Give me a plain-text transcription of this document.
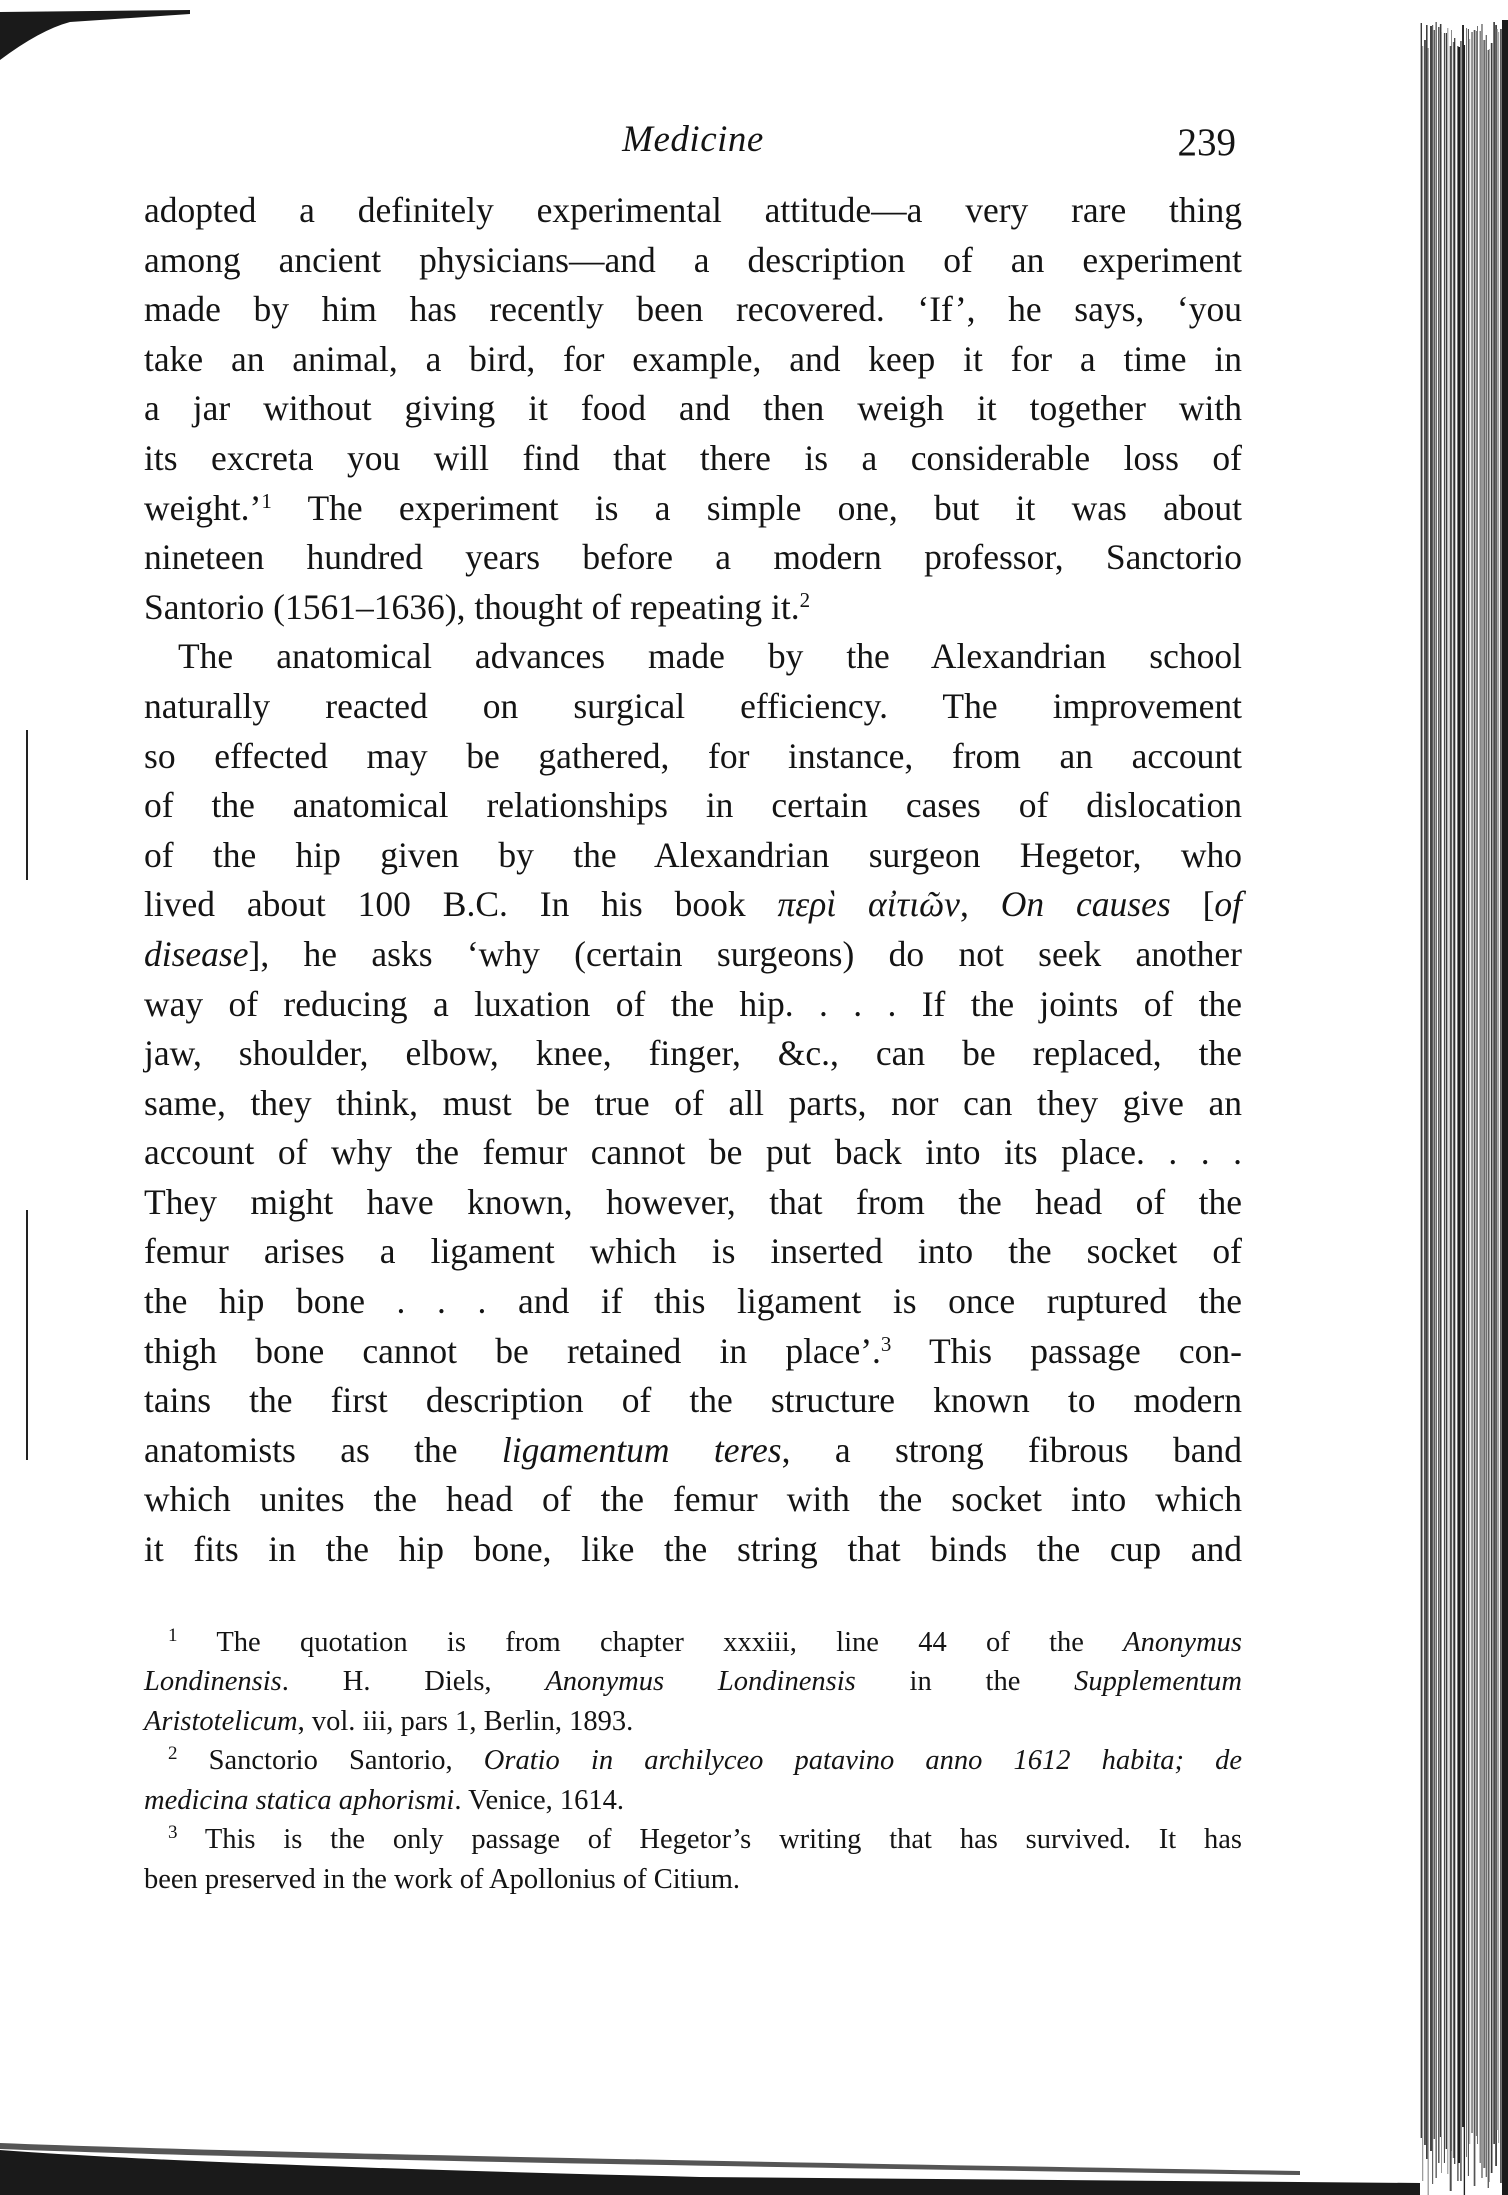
Medicine	239
adopted a definitely experimental attitude—a very rare thing
among ancient physicians—and a description of an experiment
made by him has recently been recovered. ‘If’, he says, ‘you
take an animal, a bird, for example, and keep it for a time in
a jar without giving it food and then weigh it together with
its excreta you will find that there is a considerable loss of
weight.’$^1$ The experiment is a simple one, but it was about
nineteen hundred years before a modern professor, Sanctorio
Santorio (1561–1636), thought of repeating it.$^2$
The anatomical advances made by the Alexandrian school
naturally reacted on surgical efficiency. The improvement
so effected may be gathered, for instance, from an account
of the anatomical relationships in certain cases of dislocation
of the hip given by the Alexandrian surgeon Hegetor, who
lived about 100 B.C. In his book περὶ αἰτιῶν, On causes [of
disease], he asks ‘why (certain surgeons) do not seek another
way of reducing a luxation of the hip. . . . If the joints of the
jaw, shoulder, elbow, knee, finger, &c., can be replaced, the
same, they think, must be true of all parts, nor can they give an
account of why the femur cannot be put back into its place. . . .
They might have known, however, that from the head of the
femur arises a ligament which is inserted into the socket of
the hip bone . . . and if this ligament is once ruptured the
thigh bone cannot be retained in place’.$^3$ This passage con-
tains the first description of the structure known to modern
anatomists as the ligamentum teres, a strong fibrous band
which unites the head of the femur with the socket into which
it fits in the hip bone, like the string that binds the cup and
$^1$ The quotation is from chapter xxxiii, line 44 of the Anonymus
Londinensis. H. Diels, Anonymus Londinensis in the Supplementum
Aristotelicum, vol. iii, pars 1, Berlin, 1893.
$^2$ Sanctorio Santorio, Oratio in archilyceo patavino anno 1612 habita; de
medicina statica aphorismi. Venice, 1614.
$^3$ This is the only passage of Hegetor’s writing that has survived. It has
been preserved in the work of Apollonius of Citium.
